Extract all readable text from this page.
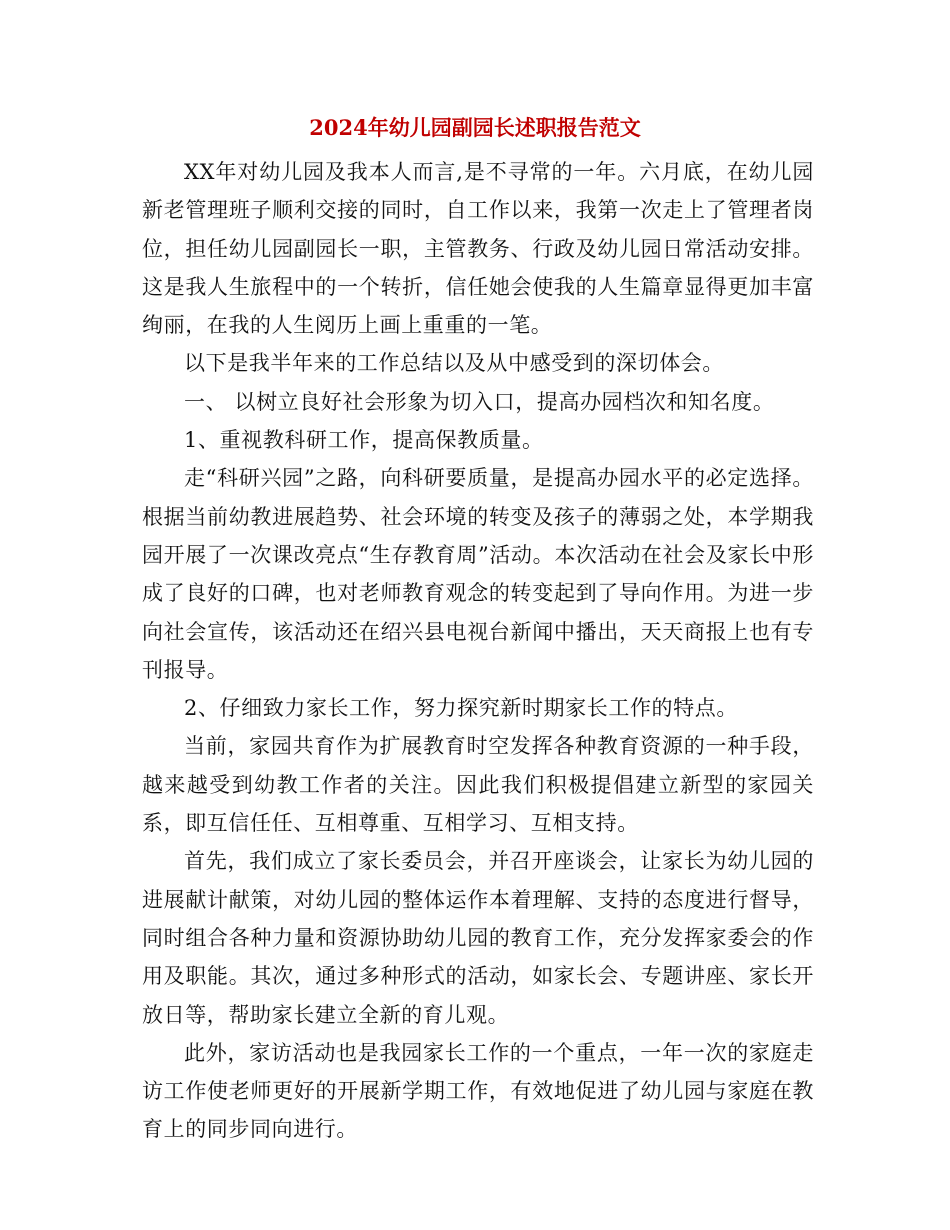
2024年幼儿园副园长述职报告范文

XX年对幼儿园及我本人而言,是不寻常的一年。六月底，在幼儿园新老管理班子顺利交接的同时，自工作以来，我第一次走上了管理者岗位，担任幼儿园副园长一职，主管教务、行政及幼儿园日常活动安排。这是我人生旅程中的一个转折，信任她会使我的人生篇章显得更加丰富绚丽，在我的人生阅历上画上重重的一笔。

以下是我半年来的工作总结以及从中感受到的深切体会。

一、 以树立良好社会形象为切入口，提高办园档次和知名度。

1、重视教科研工作，提高保教质量。

走“科研兴园”之路，向科研要质量，是提高办园水平的必定选择。根据当前幼教进展趋势、社会环境的转变及孩子的薄弱之处，本学期我园开展了一次课改亮点“生存教育周”活动。本次活动在社会及家长中形成了良好的口碑，也对老师教育观念的转变起到了导向作用。为进一步向社会宣传，该活动还在绍兴县电视台新闻中播出，天天商报上也有专刊报导。

2、仔细致力家长工作，努力探究新时期家长工作的特点。

当前，家园共育作为扩展教育时空发挥各种教育资源的一种手段，越来越受到幼教工作者的关注。因此我们积极提倡建立新型的家园关系，即互信任任、互相尊重、互相学习、互相支持。

首先，我们成立了家长委员会，并召开座谈会，让家长为幼儿园的进展献计献策，对幼儿园的整体运作本着理解、支持的态度进行督导，同时组合各种力量和资源协助幼儿园的教育工作，充分发挥家委会的作用及职能。其次，通过多种形式的活动，如家长会、专题讲座、家长开放日等，帮助家长建立全新的育儿观。

此外，家访活动也是我园家长工作的一个重点，一年一次的家庭走访工作使老师更好的开展新学期工作，有效地促进了幼儿园与家庭在教育上的同步同向进行。
